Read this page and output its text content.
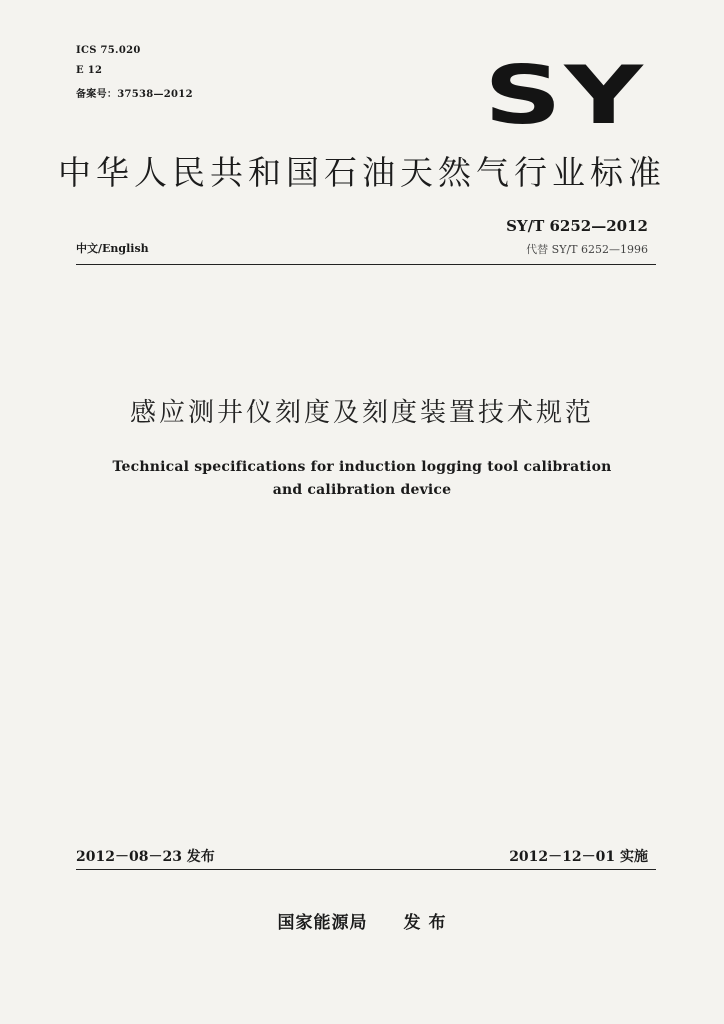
ICS 75.020
E 12
备案号：37538—2012	SY
中华人民共和国石油天然气行业标准
SY/T 6252—2012
中文/English	代替 SY/T 6252—1996
感应测井仪刻度及刻度装置技术规范
Technical specifications for induction logging tool calibration
and calibration device
2012－08－23 发布	2012－12－01 实施
国家能源局 发 布
